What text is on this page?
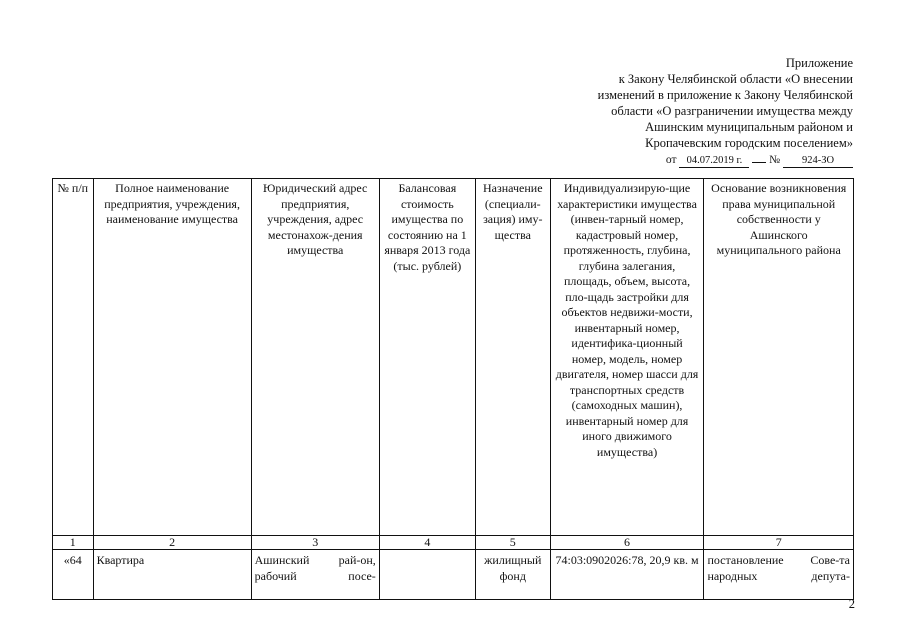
Приложение
к Закону Челябинской области «О внесении
изменений в приложение к Закону Челябинской
области «О разграничении имущества между
Ашинским муниципальным районом и
Кропачевским городским поселением»
от 04.07.2019 г. № 924-ЗО
№ п/п	Полное наименование предприятия, учреждения, наименование имущества	Юридический адрес предприятия, учреждения, адрес местонахож-дения имущества	Балансовая стоимость имущества по состоянию на 1 января 2013 года (тыс. рублей)	Назначение (специали-зация) иму-щества	Индивидуализирую-щие характеристики имущества (инвен-тарный номер, кадастровый номер, протяженность, глубина, глубина залегания, площадь, объем, высота, пло-щадь застройки для объектов недвижи-мости, инвентарный номер, идентифика-ционный номер, модель, номер двигателя, номер шасси для транспортных средств (самоходных машин), инвентарный номер для иного движимого имущества)	Основание возникновения права муниципальной собственности у Ашинского муниципального района
1	2	3	4	5	6	7
«64	Квартира	Ашинский рай-он, рабочий посе-		жилищный фонд	74:03:0902026:78, 20,9 кв. м	постановление Сове-та народных депута-
2
